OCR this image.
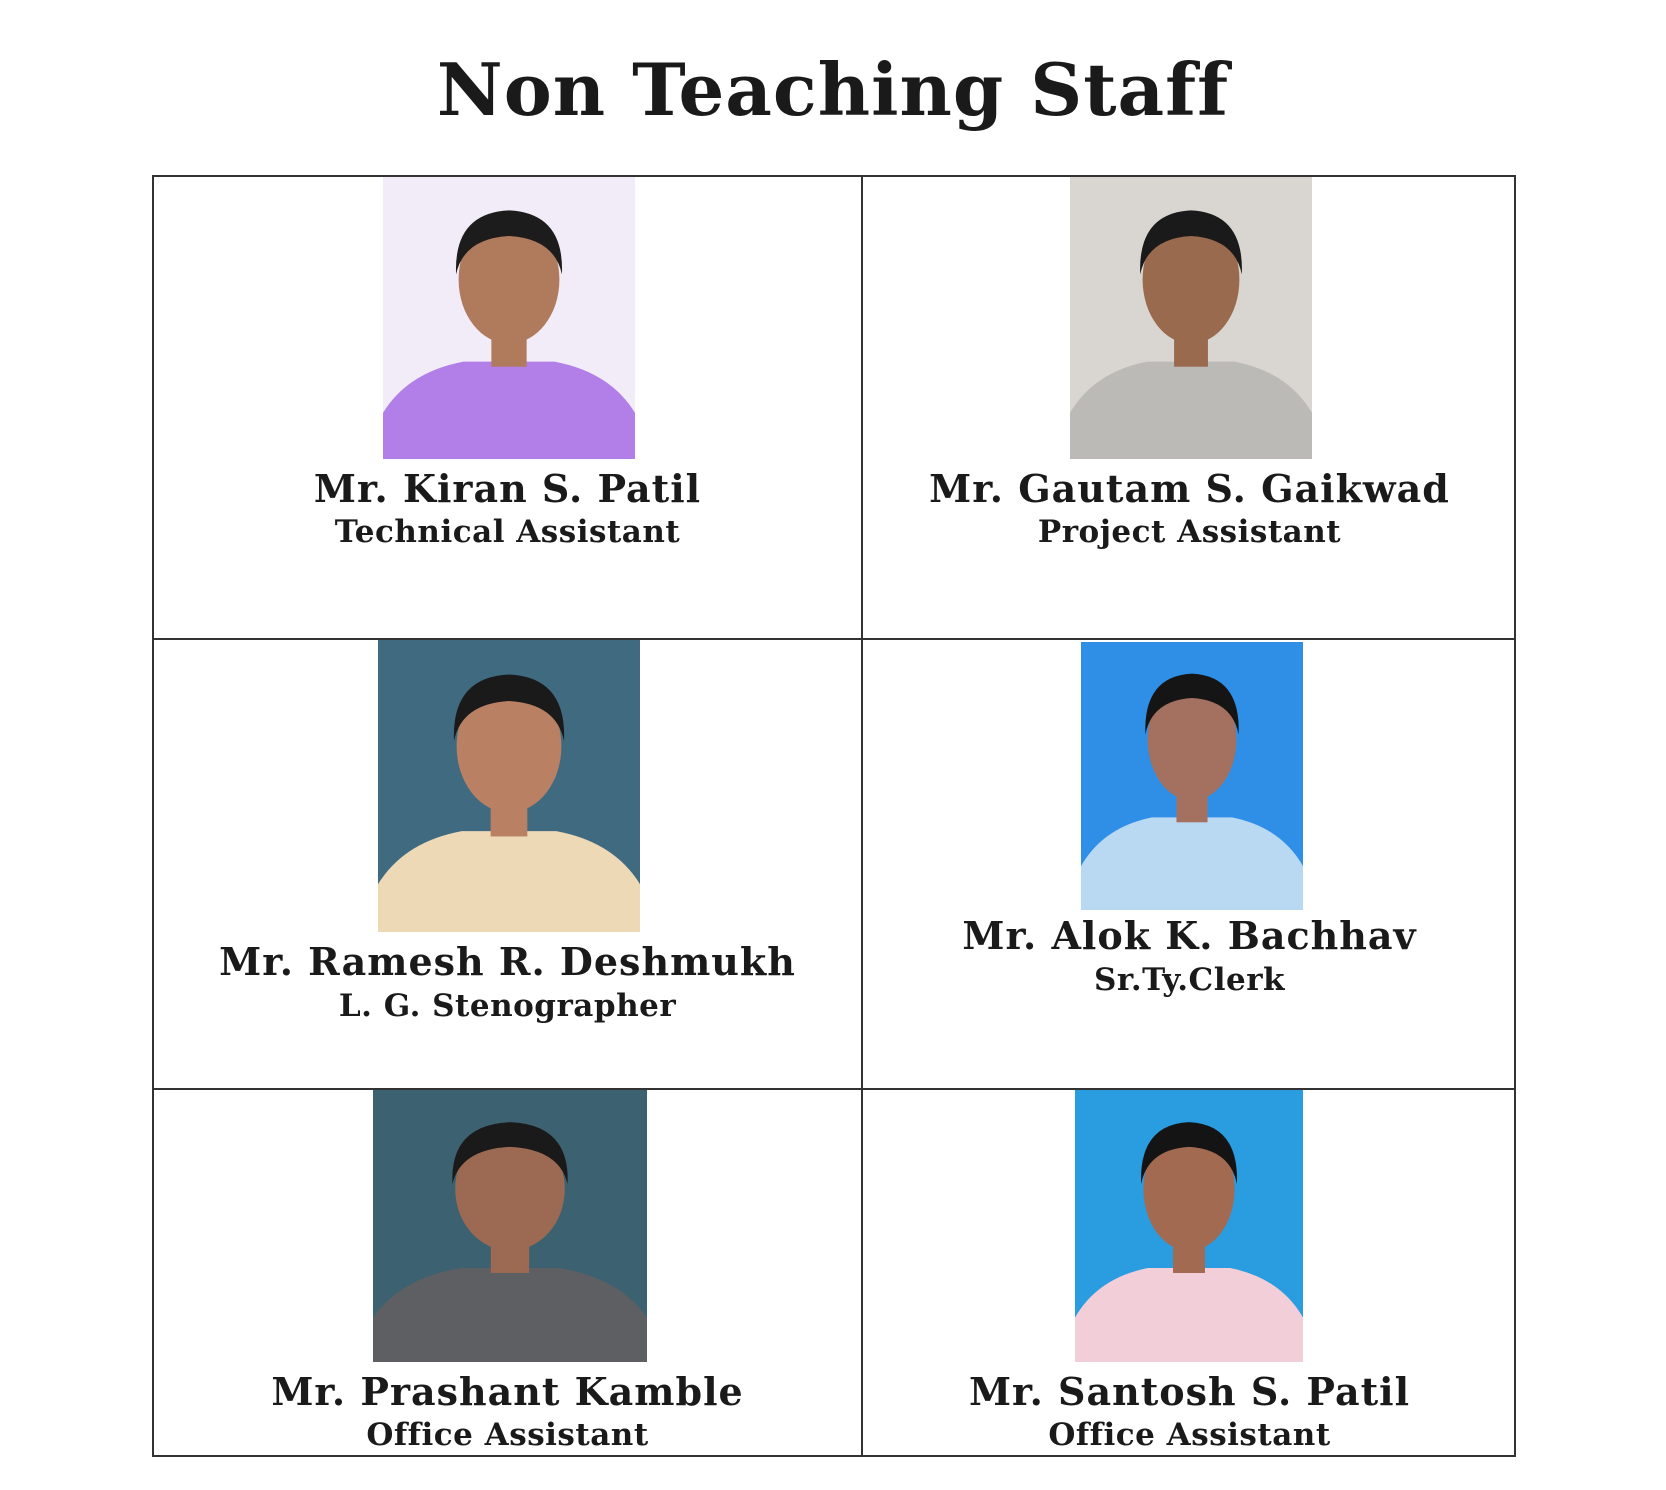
Non Teaching Staff
Mr. Kiran S. Patil
Technical Assistant
Mr. Gautam S. Gaikwad
Project Assistant
Mr. Ramesh R. Deshmukh
L. G. Stenographer
Mr. Alok K. Bachhav
Sr.Ty.Clerk
Mr. Prashant Kamble
Office Assistant
Mr. Santosh S. Patil
Office Assistant
